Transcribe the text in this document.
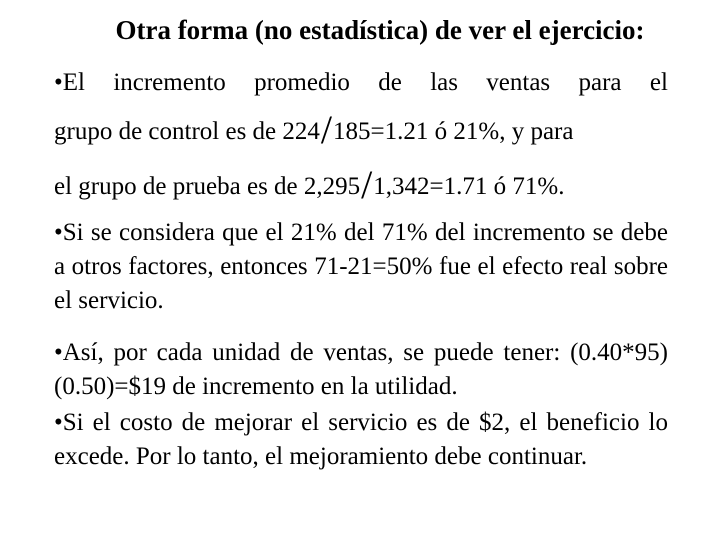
Otra forma (no estadística) de ver el ejercicio:
•El incremento promedio de las ventas para el
grupo de control es de 224/185=1.21 ó 21%, y para
el grupo de prueba es de 2,295/1,342=1.71 ó 71%.
•Si se considera que el 21% del 71% del incremento se debe a otros factores, entonces 71-21=50% fue el efecto real sobre el servicio.
•Así, por cada unidad de ventas, se puede tener: (0.40*95)(0.50)=$19 de incremento en la utilidad.
•Si el costo de mejorar el servicio es de $2, el beneficio lo excede. Por lo tanto, el mejoramiento debe continuar.
